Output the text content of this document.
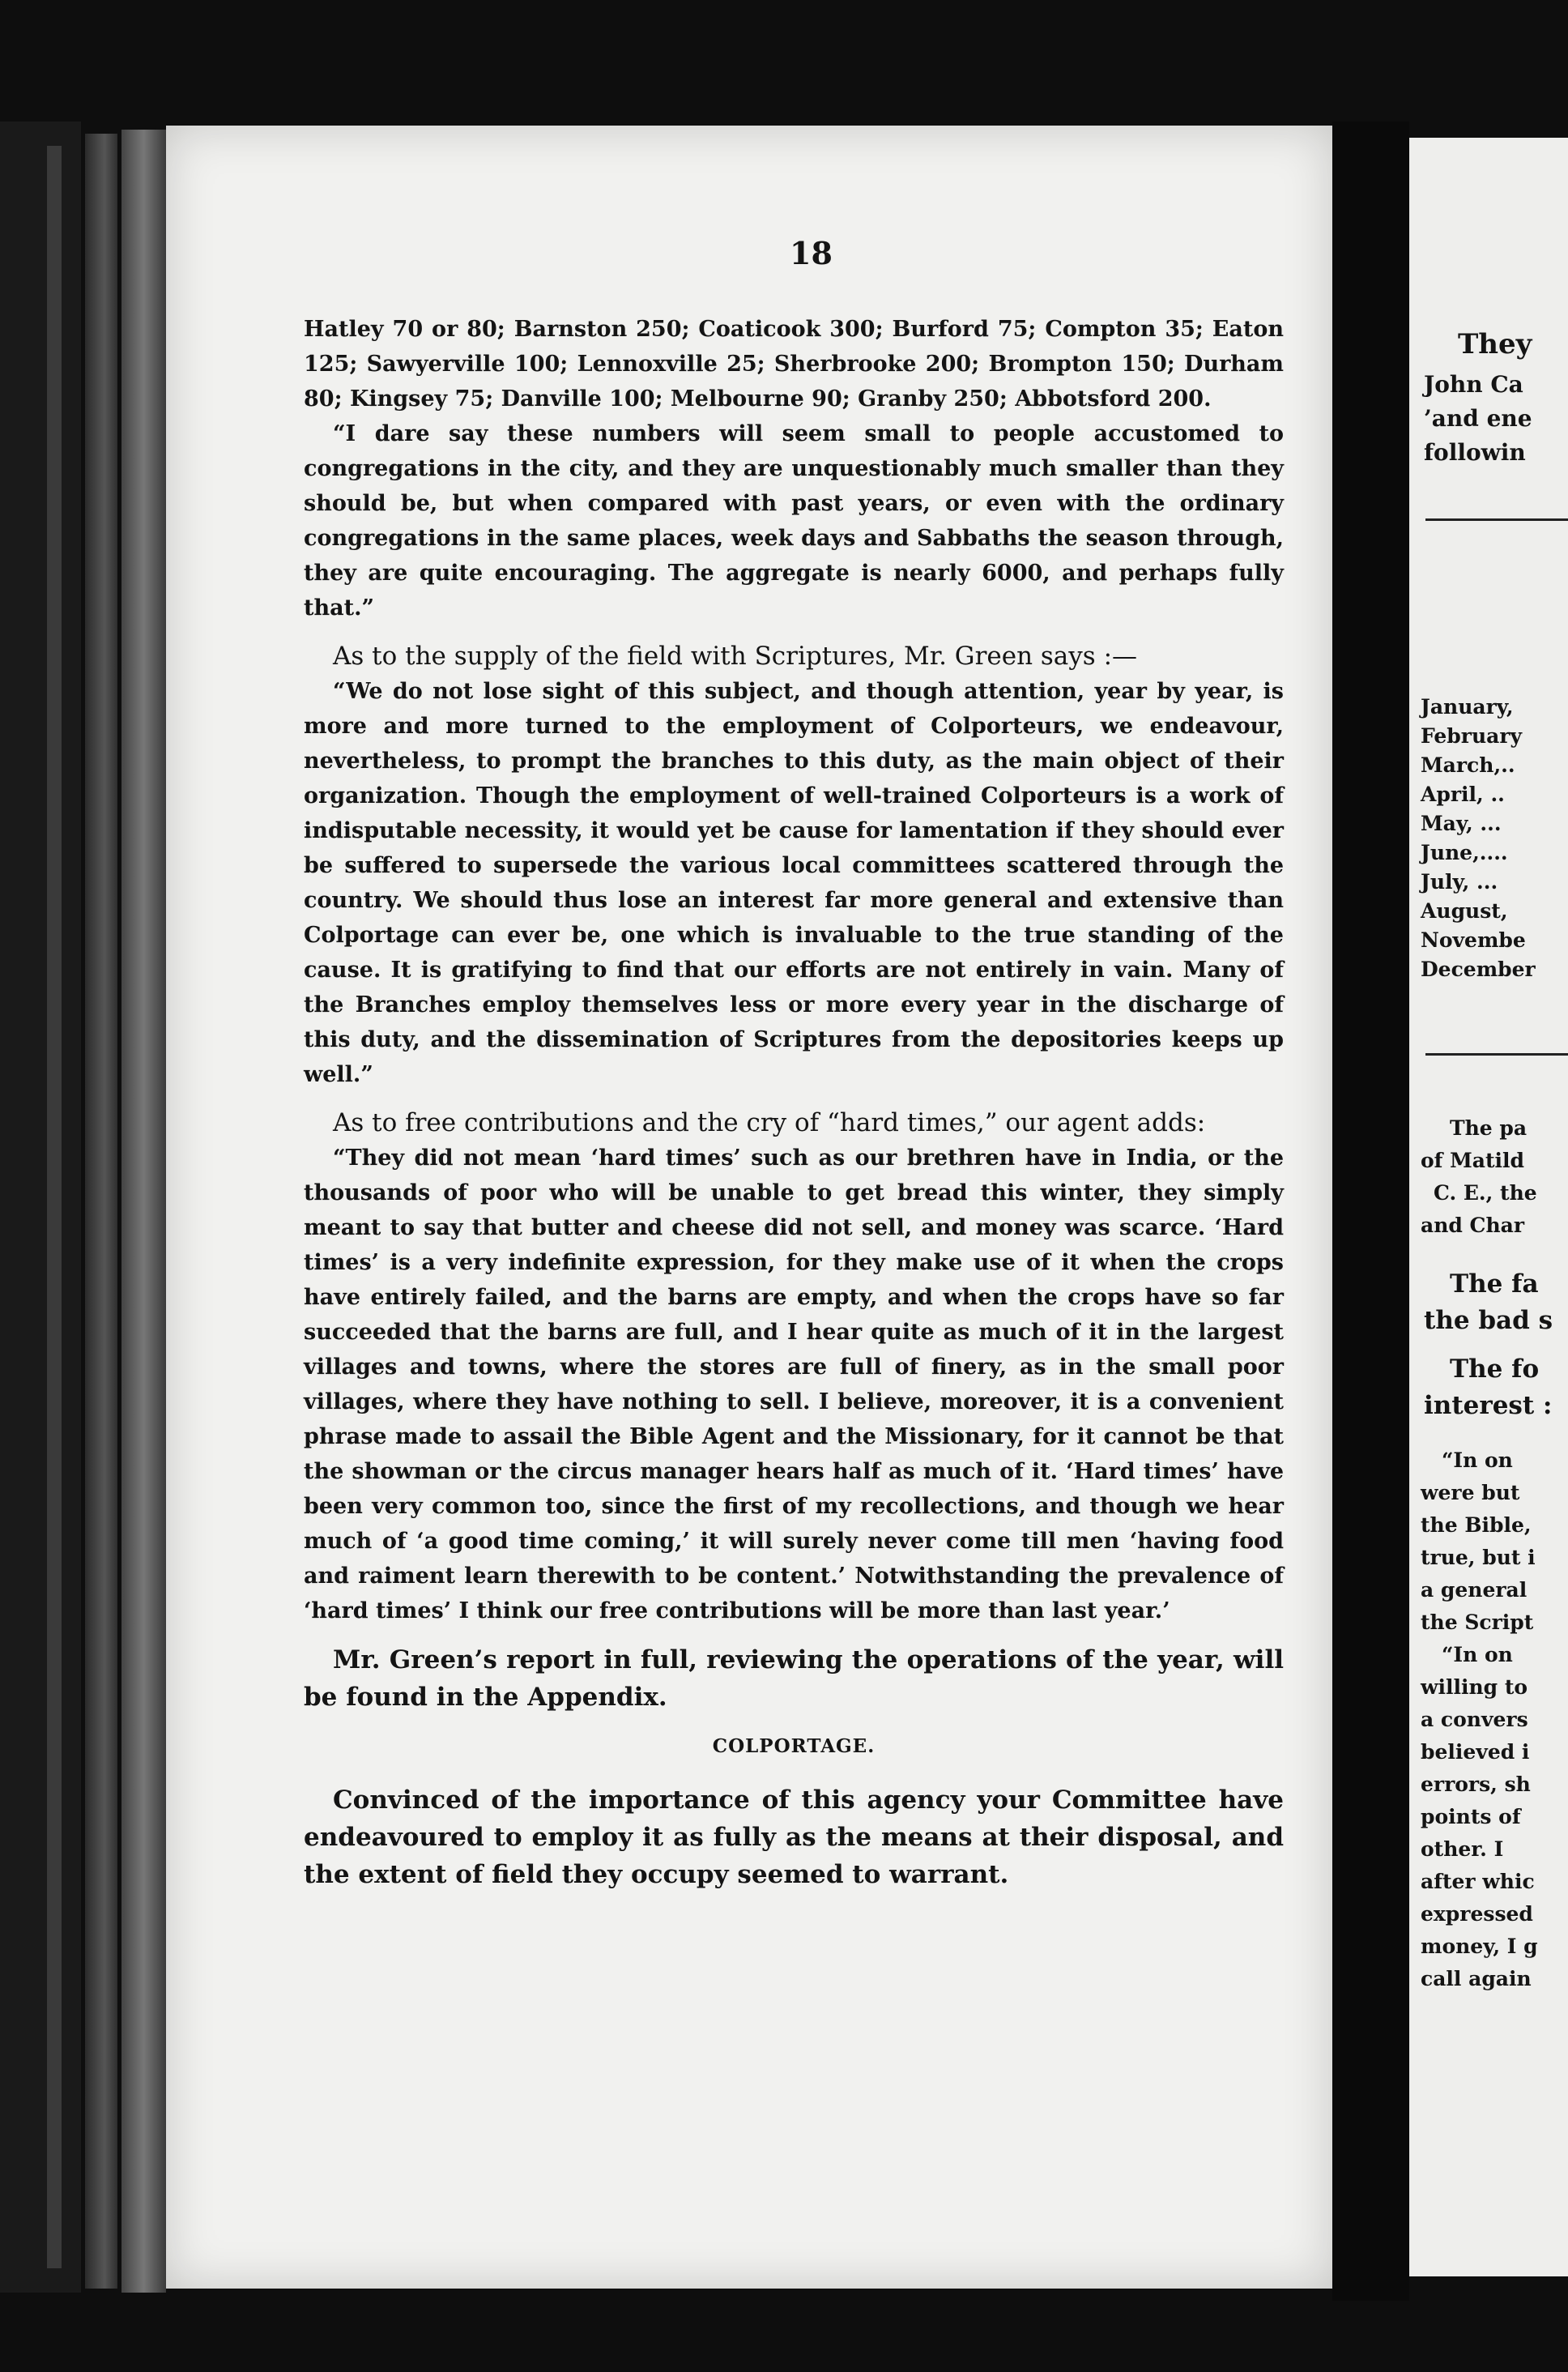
18

Hatley 70 or 80; Barnston 250; Coaticook 300; Burford 75; Compton 35; Eaton 125; Sawyerville 100; Lennoxville 25; Sherbrooke 200; Brompton 150; Durham 80; Kingsey 75; Danville 100; Melbourne 90; Granby 250; Abbotsford 200.

“I dare say these numbers will seem small to people accustomed to congregations in the city, and they are unquestionably much smaller than they should be, but when compared with past years, or even with the ordinary congregations in the same places, week days and Sabbaths the season through, they are quite encouraging. The aggregate is nearly 6000, and perhaps fully that.”

As to the supply of the field with Scriptures, Mr. Green says :—

“We do not lose sight of this subject, and though attention, year by year, is more and more turned to the employment of Colporteurs, we endeavour, nevertheless, to prompt the branches to this duty, as the main object of their organization. Though the employment of well-trained Colporteurs is a work of indisputable necessity, it would yet be cause for lamentation if they should ever be suffered to supersede the various local committees scattered through the country. We should thus lose an interest far more general and extensive than Colportage can ever be, one which is invaluable to the true standing of the cause. It is gratifying to find that our efforts are not entirely in vain. Many of the Branches employ themselves less or more every year in the discharge of this duty, and the dissemination of Scriptures from the depositories keeps up well.”

As to free contributions and the cry of “hard times,” our agent adds:

“They did not mean ‘hard times’ such as our brethren have in India, or the thousands of poor who will be unable to get bread this winter, they simply meant to say that butter and cheese did not sell, and money was scarce. ‘Hard times’ is a very indefinite expression, for they make use of it when the crops have entirely failed, and the barns are empty, and when the crops have so far succeeded that the barns are full, and I hear quite as much of it in the largest villages and towns, where the stores are full of finery, as in the small poor villages, where they have nothing to sell. I believe, moreover, it is a convenient phrase made to assail the Bible Agent and the Missionary, for it cannot be that the showman or the circus manager hears half as much of it. ‘Hard times’ have been very common too, since the first of my recollections, and though we hear much of ‘a good time coming,’ it will surely never come till men ‘having food and raiment learn therewith to be content.’ Notwithstanding the prevalence of ‘hard times’ I think our free contributions will be more than last year.’

Mr. Green’s report in full, reviewing the operations of the year, will be found in the Appendix.

COLPORTAGE.

Convinced of the importance of this agency your Committee have endeavoured to employ it as fully as the means at their disposal, and the extent of field they occupy seemed to warrant.

They
John Ca
’and ene
followin
January,
February
March,..
April, ..
May, ...
June,....
July, ...
August,
Novembe
December
The pa
of Matild
C. E., the
and Char
The fa
the bad s
The fo
interest :
“In on
were but
the Bible,
true, but i
a general
the Script
“In on
willing to
a convers
believed i
errors, sh
points of
other. I
after whic
expressed
money, I g
call again
